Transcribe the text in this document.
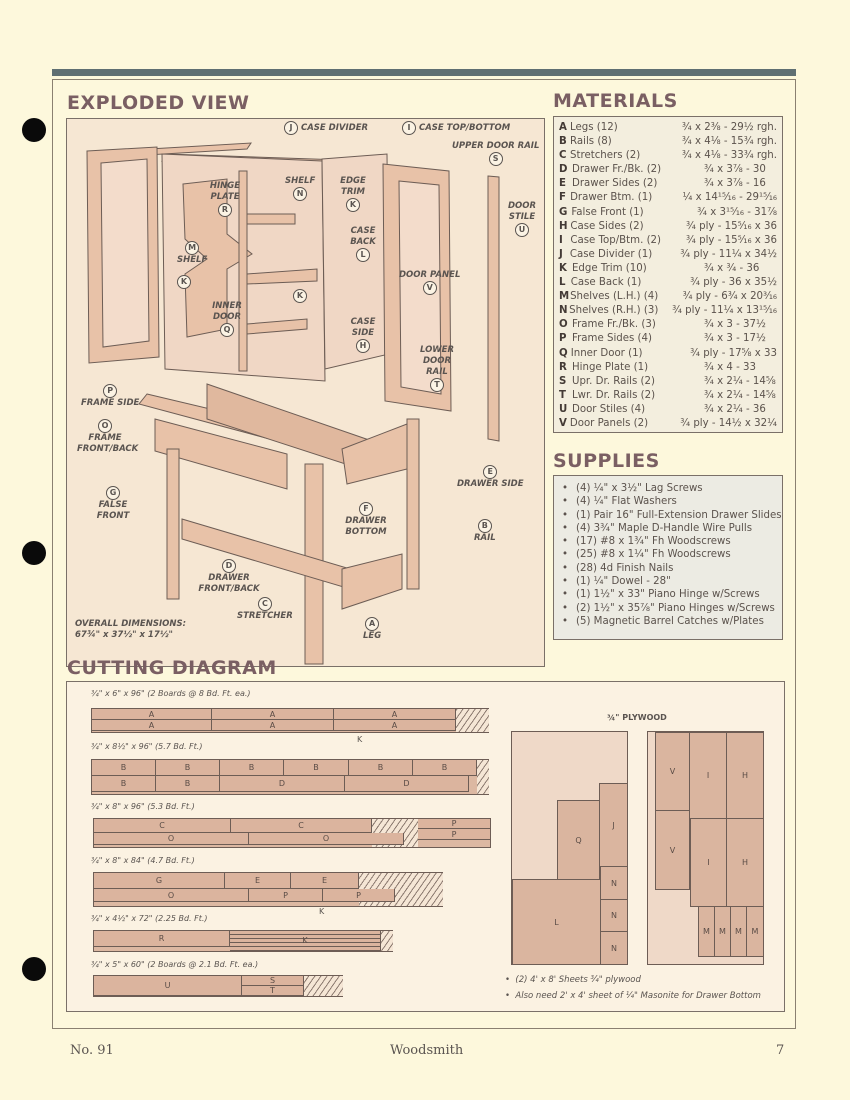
EXPLODED VIEW
J CASE DIVIDER	I CASE TOP/BOTTOM
UPPER DOOR RAIL
S
DOOR STILE
U
HINGE PLATE
R
SHELF
N
EDGE TRIM
K
CASE BACK
L
M
SHELF
K
K
DOOR PANEL
V
INNER DOOR
Q
CASE SIDE
H	LOWER DOOR RAIL
T
P
FRAME SIDE
O
FRAME FRONT/BACK
E
DRAWER SIDE
G
FALSE FRONT
F
DRAWER BOTTOM
B
RAIL
D
DRAWER FRONT/BACK
C
STRETCHER
A
LEG
OVERALL DIMENSIONS:
67¾" x 37½" x 17½"
MATERIALS
A Legs (12)	¾ x 2⅜ - 29½ rgh.
B Rails (8)	¾ x 4⅛ - 15¾ rgh.
C Stretchers (2)	¾ x 4⅛ - 33¾ rgh.
D Drawer Fr./Bk. (2)	¾ x 3⅞ - 30
E Drawer Sides (2)	¾ x 3⅞ - 16
F Drawer Btm. (1)	¼ x 14¹⁵⁄₁₆ - 29¹⁵⁄₁₆
G False Front (1)	¾ x 3¹⁵⁄₁₆ - 31⅞
H Case Sides (2)	¾ ply - 15⁵⁄₁₆ x 36
I Case Top/Btm. (2)	¾ ply - 15⁵⁄₁₆ x 36
J Case Divider (1)	¾ ply - 11¼ x 34½
K Edge Trim (10)	¾ x ¾ - 36
L Case Back (1)	¾ ply - 36 x 35½
M Shelves (L.H.) (4)	¾ ply - 6¾ x 20³⁄₁₆
N Shelves (R.H.) (3)	¾ ply - 11¼ x 13¹⁵⁄₁₆
O Frame Fr./Bk. (3)	¾ x 3 - 37½
P Frame Sides (4)	¾ x 3 - 17½
Q Inner Door (1)	¾ ply - 17⅝ x 33
R Hinge Plate (1)	¾ x 4 - 33
S Upr. Dr. Rails (2)	¾ x 2¼ - 14⅝
T Lwr. Dr. Rails (2)	¾ x 2¼ - 14⅝
U Door Stiles (4)	¾ x 2¼ - 36
V Door Panels (2)	¾ ply - 14½ x 32¼
SUPPLIES
• (4) ¼" x 3½" Lag Screws
• (4) ¼" Flat Washers
• (1) Pair 16" Full-Extension Drawer Slides
• (4) 3¾" Maple D-Handle Wire Pulls
• (17) #8 x 1¾" Fh Woodscrews
• (25) #8 x 1¼" Fh Woodscrews
• (28) 4d Finish Nails
• (1) ¼" Dowel - 28"
• (1) 1½" x 33" Piano Hinge w/Screws
• (2) 1½" x 35⅞" Piano Hinges w/Screws
• (5) Magnetic Barrel Catches w/Plates
CUTTING DIAGRAM
¾" x 6" x 96" (2 Boards @ 8 Bd. Ft. ea.)
A	A	A
A	A	A
K
¾" x 8½" x 96" (5.7 Bd. Ft.)
B	B	B	B	B	B
B	B	D	D
¾" x 8" x 96" (5.3 Bd. Ft.)
C	C	P
O	O	P
¾" x 8" x 84" (4.7 Bd. Ft.)
G	E	E
O	P	P
K
¾" x 4½" x 72" (2.25 Bd. Ft.)
R	K
¾" x 5" x 60" (2 Boards @ 2.1 Bd. Ft. ea.)
U
S
T
¾" PLYWOOD
Q
J
N
N
N
L
V	I	H
V
I	H
M	M	M	M
•  (2) 4' x 8' Sheets ¾" plywood
•  Also need 2' x 4' sheet of ¼" Masonite for Drawer Bottom
No. 91	Woodsmith	7
